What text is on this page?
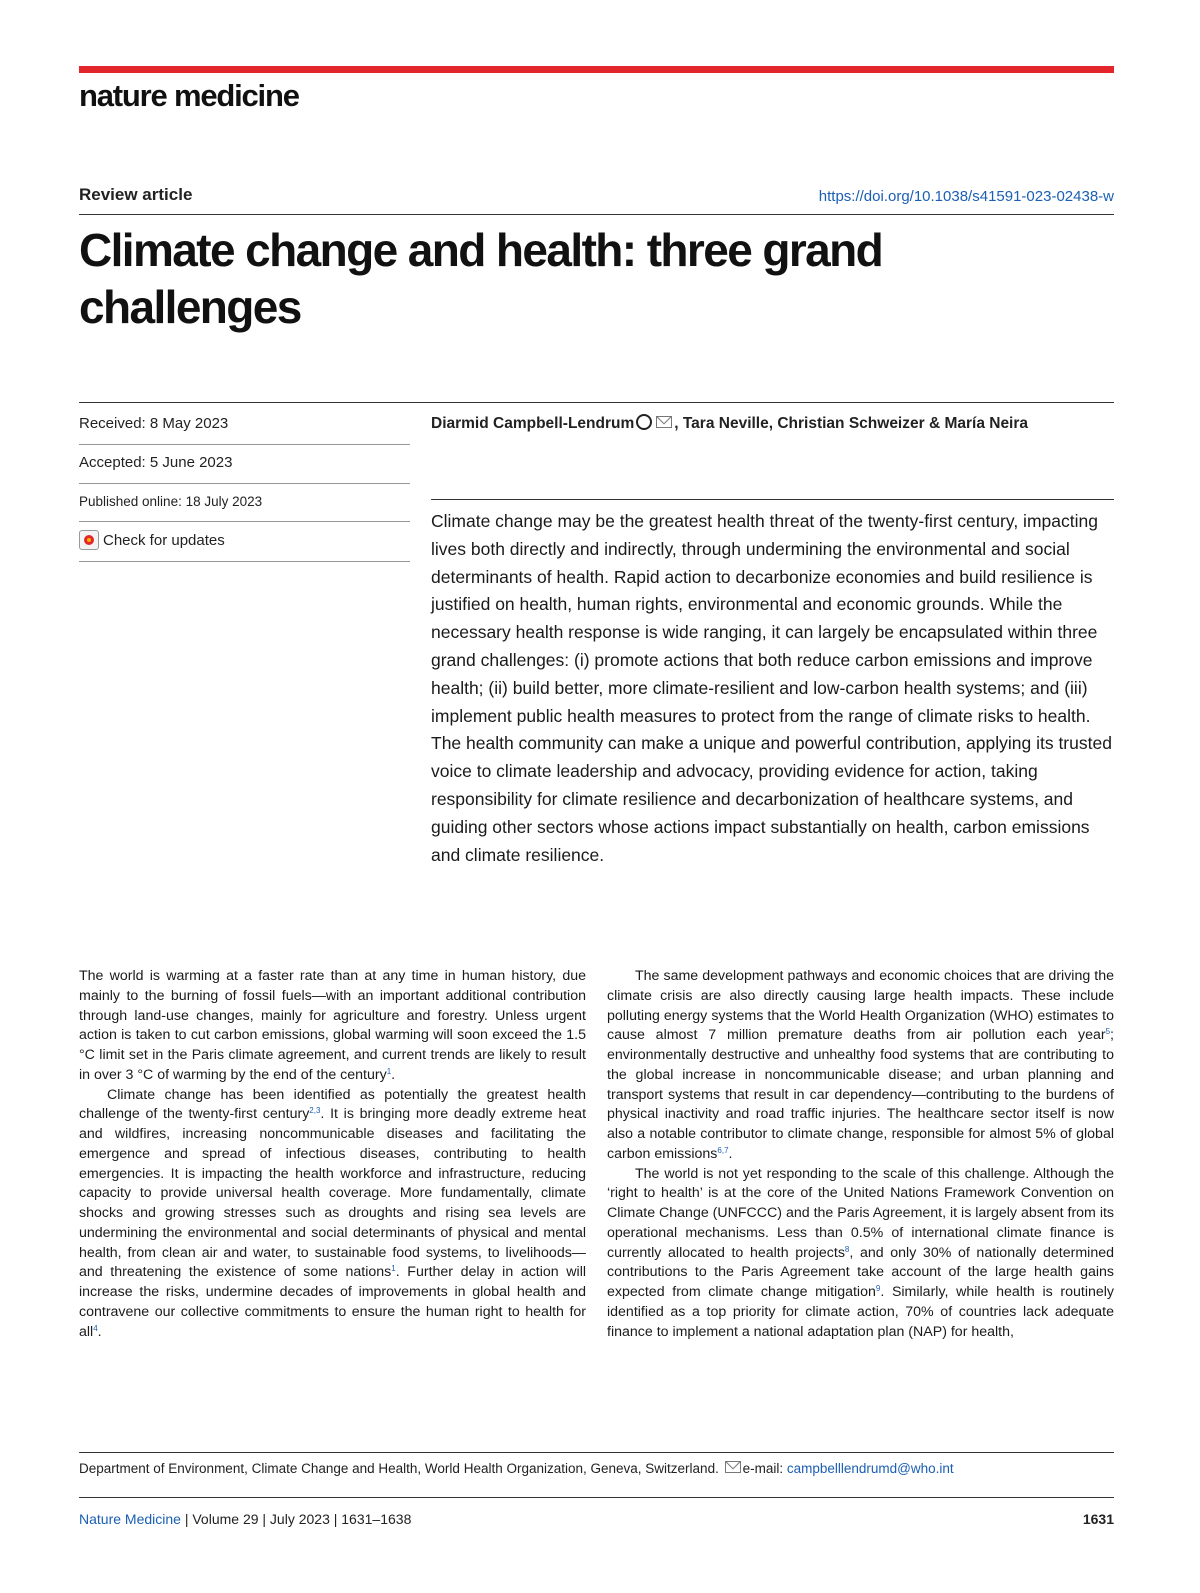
nature medicine
Review article	https://doi.org/10.1038/s41591-023-02438-w
Climate change and health: three grand challenges
Received: 8 May 2023
Accepted: 5 June 2023
Published online: 18 July 2023
Check for updates
Diarmid Campbell-Lendrum	, Tara Neville, Christian Schweizer & María Neira

Climate change may be the greatest health threat of the twenty-first century, impacting lives both directly and indirectly, through undermining the environmental and social determinants of health. Rapid action to decarbonize economies and build resilience is justified on health, human rights, environmental and economic grounds. While the necessary health response is wide ranging, it can largely be encapsulated within three grand challenges: (i) promote actions that both reduce carbon emissions and improve health; (ii) build better, more climate-resilient and low-carbon health systems; and (iii) implement public health measures to protect from the range of climate risks to health. The health community can make a unique and powerful contribution, applying its trusted voice to climate leadership and advocacy, providing evidence for action, taking responsibility for climate resilience and decarbonization of healthcare systems, and guiding other sectors whose actions impact substantially on health, carbon emissions and climate resilience.

The world is warming at a faster rate than at any time in human history, due mainly to the burning of fossil fuels—with an important additional contribution through land-use changes, mainly for agriculture and forestry. Unless urgent action is taken to cut carbon emissions, global warming will soon exceed the 1.5 °C limit set in the Paris climate agreement, and current trends are likely to result in over 3 °C of warming by the end of the century$^1$.

Climate change has been identified as potentially the greatest health challenge of the twenty-first century$^{2,3}$. It is bringing more deadly extreme heat and wildfires, increasing noncommunicable diseases and facilitating the emergence and spread of infectious diseases, contributing to health emergencies. It is impacting the health workforce and infrastructure, reducing capacity to provide universal health coverage. More fundamentally, climate shocks and growing stresses such as droughts and rising sea levels are undermining the environmental and social determinants of physical and mental health, from clean air and water, to sustainable food systems, to livelihoods—and threatening the existence of some nations$^1$. Further delay in action will increase the risks, undermine decades of improvements in global health and contravene our collective commitments to ensure the human right to health for all$^4$.

The same development pathways and economic choices that are driving the climate crisis are also directly causing large health impacts. These include polluting energy systems that the World Health Organization (WHO) estimates to cause almost 7 million premature deaths from air pollution each year$^5$; environmentally destructive and unhealthy food systems that are contributing to the global increase in noncommunicable disease; and urban planning and transport systems that result in car dependency—contributing to the burdens of physical inactivity and road traffic injuries. The healthcare sector itself is now also a notable contributor to climate change, responsible for almost 5% of global carbon emissions$^{6,7}$.

The world is not yet responding to the scale of this challenge. Although the ‘right to health’ is at the core of the United Nations Framework Convention on Climate Change (UNFCCC) and the Paris Agreement, it is largely absent from its operational mechanisms. Less than 0.5% of international climate finance is currently allocated to health projects$^8$, and only 30% of nationally determined contributions to the Paris Agreement take account of the large health gains expected from climate change mitigation$^9$. Similarly, while health is routinely identified as a top priority for climate action, 70% of countries lack adequate finance to implement a national adaptation plan (NAP) for health,

Department of Environment, Climate Change and Health, World Health Organization, Geneva, Switzerland. e-mail: campbelllendrumd@who.int
Nature Medicine | Volume 29 | July 2023 | 1631–1638	1631
